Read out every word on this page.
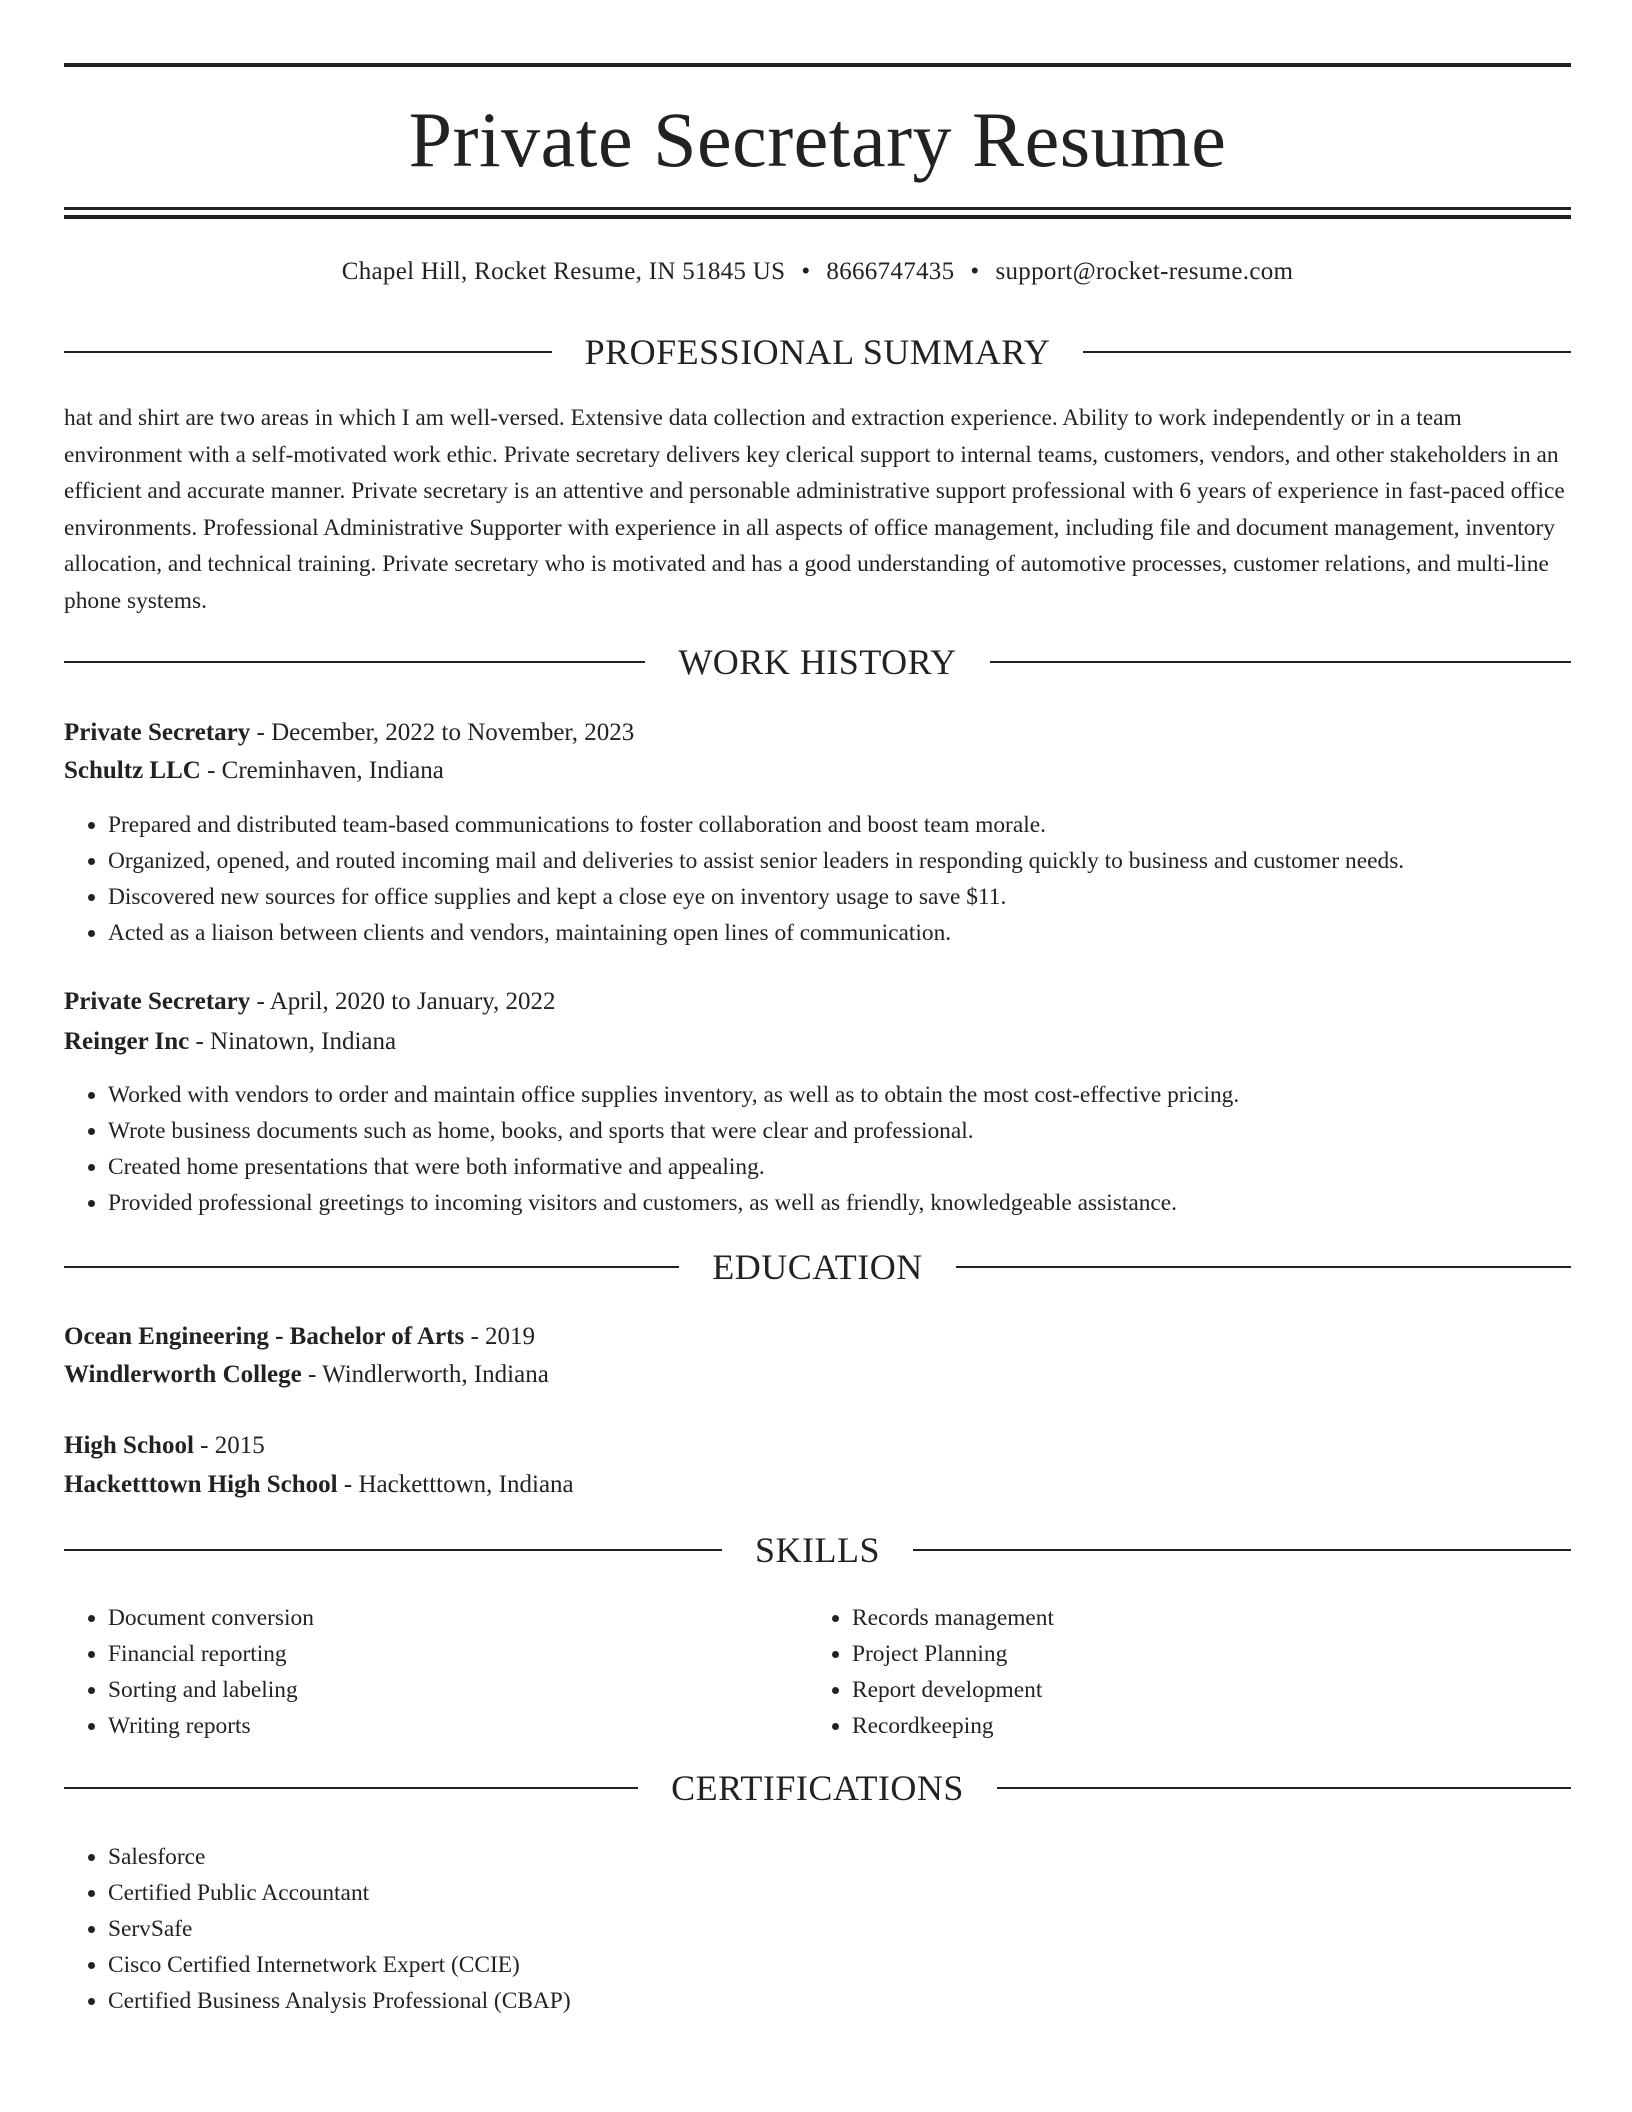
Private Secretary Resume
Chapel Hill, Rocket Resume, IN 51845 US • 8666747435 • support@rocket-resume.com
PROFESSIONAL SUMMARY

hat and shirt are two areas in which I am well-versed. Extensive data collection and extraction experience. Ability to work independently or in a team environment with a self-motivated work ethic. Private secretary delivers key clerical support to internal teams, customers, vendors, and other stakeholders in an efficient and accurate manner. Private secretary is an attentive and personable administrative support professional with 6 years of experience in fast-paced office environments. Professional Administrative Supporter with experience in all aspects of office management, including file and document management, inventory allocation, and technical training. Private secretary who is motivated and has a good understanding of automotive processes, customer relations, and multi-line phone systems.

WORK HISTORY
Private Secretary - December, 2022 to November, 2023
Schultz LLC - Creminhaven, Indiana
• Prepared and distributed team-based communications to foster collaboration and boost team morale.
• Organized, opened, and routed incoming mail and deliveries to assist senior leaders in responding quickly to business and customer needs.
• Discovered new sources for office supplies and kept a close eye on inventory usage to save $11.
• Acted as a liaison between clients and vendors, maintaining open lines of communication.
Private Secretary - April, 2020 to January, 2022
Reinger Inc - Ninatown, Indiana
• Worked with vendors to order and maintain office supplies inventory, as well as to obtain the most cost-effective pricing.
• Wrote business documents such as home, books, and sports that were clear and professional.
• Created home presentations that were both informative and appealing.
• Provided professional greetings to incoming visitors and customers, as well as friendly, knowledgeable assistance.
EDUCATION
Ocean Engineering - Bachelor of Arts - 2019
Windlerworth College - Windlerworth, Indiana
High School - 2015
Hacketttown High School - Hacketttown, Indiana
SKILLS
• Document conversion
• Financial reporting
• Sorting and labeling
• Writing reports
• Records management
• Project Planning
• Report development
• Recordkeeping
CERTIFICATIONS
• Salesforce
• Certified Public Accountant
• ServSafe
• Cisco Certified Internetwork Expert (CCIE)
• Certified Business Analysis Professional (CBAP)
